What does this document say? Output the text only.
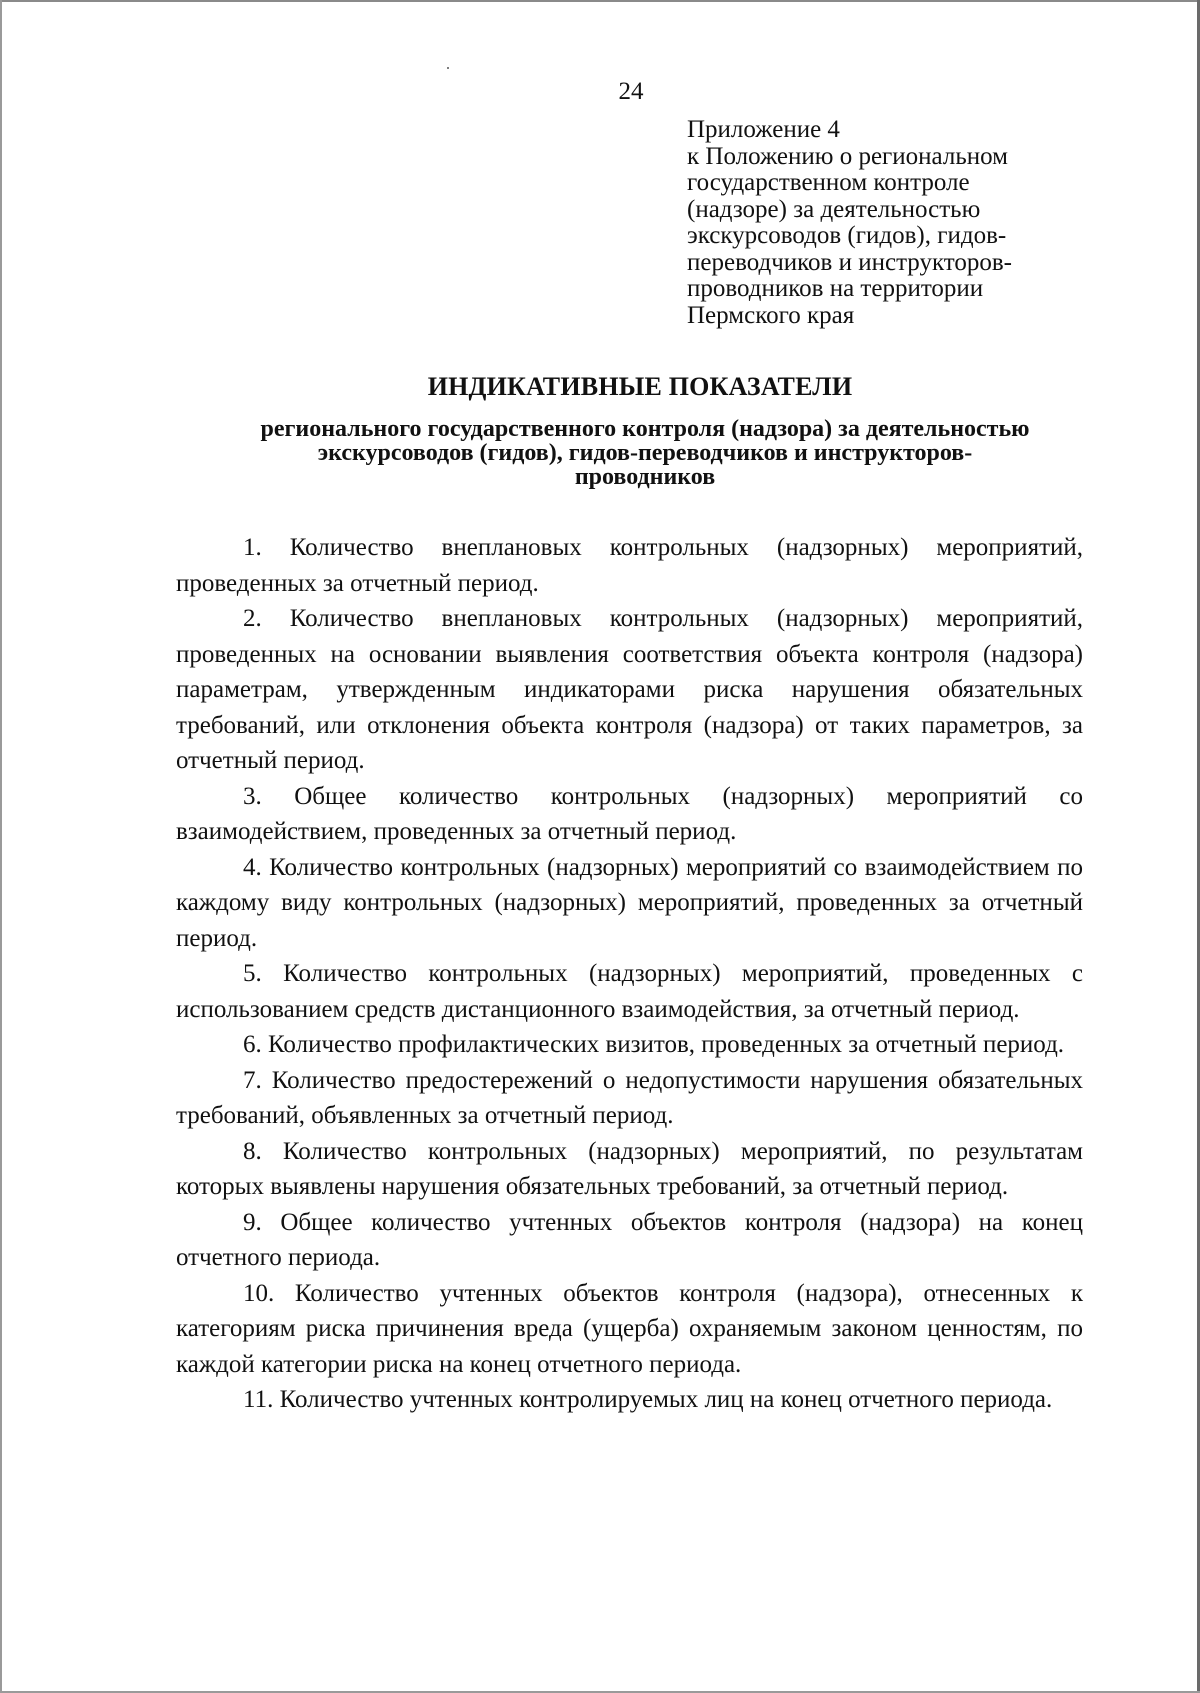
24
Приложение 4
к Положению о региональном
государственном контроле
(надзоре) за деятельностью
экскурсоводов (гидов), гидов-
переводчиков и инструкторов-
проводников на территории
Пермского края
ИНДИКАТИВНЫЕ ПОКАЗАТЕЛИ
регионального государственного контроля (надзора) за деятельностью
экскурсоводов (гидов), гидов-переводчиков и инструкторов-
проводников

1. Количество внеплановых контрольных (надзорных) мероприятий, проведенных за отчетный период.

2. Количество внеплановых контрольных (надзорных) мероприятий, проведенных на основании выявления соответствия объекта контроля (надзора) параметрам, утвержденным индикаторами риска нарушения обязательных требований, или отклонения объекта контроля (надзора) от таких параметров, за отчетный период.

3. Общее количество контрольных (надзорных) мероприятий со взаимодействием, проведенных за отчетный период.

4. Количество контрольных (надзорных) мероприятий со взаимодействием по каждому виду контрольных (надзорных) мероприятий, проведенных за отчетный период.

5. Количество контрольных (надзорных) мероприятий, проведенных с использованием средств дистанционного взаимодействия, за отчетный период.

6. Количество профилактических визитов, проведенных за отчетный период.

7. Количество предостережений о недопустимости нарушения обязательных требований, объявленных за отчетный период.

8. Количество контрольных (надзорных) мероприятий, по результатам которых выявлены нарушения обязательных требований, за отчетный период.

9. Общее количество учтенных объектов контроля (надзора) на конец отчетного периода.

10. Количество учтенных объектов контроля (надзора), отнесенных к категориям риска причинения вреда (ущерба) охраняемым законом ценностям, по каждой категории риска на конец отчетного периода.

11. Количество учтенных контролируемых лиц на конец отчетного периода.
